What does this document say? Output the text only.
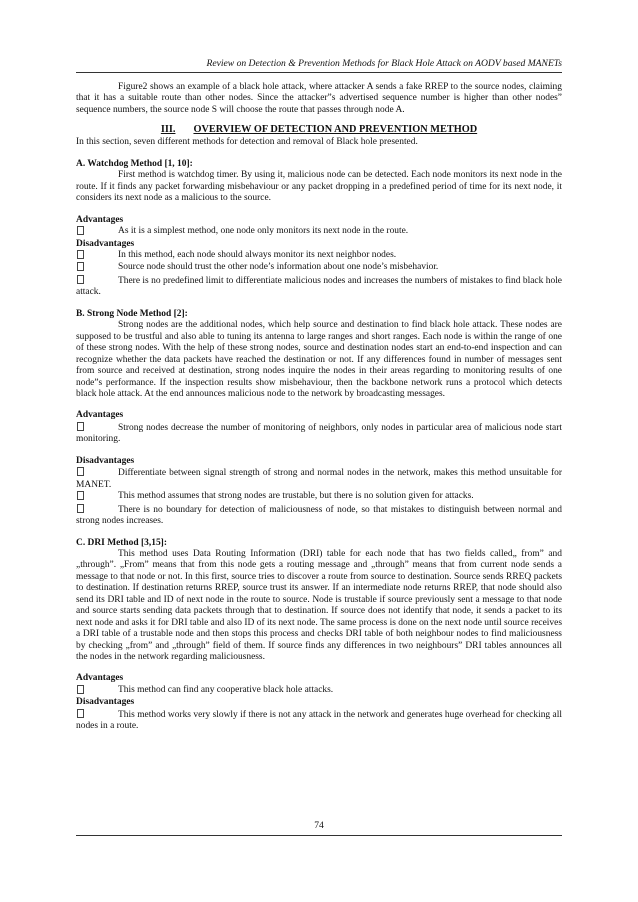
Review on Detection & Prevention Methods for Black Hole Attack on AODV based MANETs

Figure2 shows an example of a black hole attack, where attacker A sends a fake RREP to the source nodes, claiming that it has a suitable route than other nodes. Since the attacker”s advertised sequence number is higher than other nodes” sequence numbers, the source node S will choose the route that passes through node A.

III. OVERVIEW OF DETECTION AND PREVENTION METHOD

In this section, seven different methods for detection and removal of Black hole presented.

A. Watchdog Method [1, 10]:

First method is watchdog timer. By using it, malicious node can be detected. Each node monitors its next node in the route. If it finds any packet forwarding misbehaviour or any packet dropping in a predefined period of time for its next node, it considers its next node as a malicious to the source.

Advantages
As it is a simplest method, one node only monitors its next node in the route.
Disadvantages
In this method, each node should always monitor its next neighbor nodes.
Source node should trust the other node’s information about one node’s misbehavior.

There is no predefined limit to differentiate malicious nodes and increases the numbers of mistakes to find black hole attack.

B. Strong Node Method [2]:

Strong nodes are the additional nodes, which help source and destination to find black hole attack. These nodes are supposed to be trustful and also able to tuning its antenna to large ranges and short ranges. Each node is within the range of one of these strong nodes. With the help of these strong nodes, source and destination nodes start an end-to-end inspection and can recognize whether the data packets have reached the destination or not. If any differences found in number of messages sent from source and received at destination, strong nodes inquire the nodes in their areas regarding to monitoring results of one node”s performance. If the inspection results show misbehaviour, then the backbone network runs a protocol which detects black hole attack. At the end announces malicious node to the network by broadcasting messages.

Advantages

Strong nodes decrease the number of monitoring of neighbors, only nodes in particular area of malicious node start monitoring.

Disadvantages

Differentiate between signal strength of strong and normal nodes in the network, makes this method unsuitable for MANET.

This method assumes that strong nodes are trustable, but there is no solution given for attacks.

There is no boundary for detection of maliciousness of node, so that mistakes to distinguish between normal and strong nodes increases.

C. DRI Method [3,15]:

This method uses Data Routing Information (DRI) table for each node that has two fields called„ from” and „through”. „From” means that from this node gets a routing message and „through” means that from current node sends a message to that node or not. In this first, source tries to discover a route from source to destination. Source sends RREQ packets to destination. If destination returns RREP, source trust its answer. If an intermediate node returns RREP, that node should also send its DRI table and ID of next node in the route to source. Node is trustable if source previously sent a message to that node and source starts sending data packets through that to destination. If source does not identify that node, it sends a packet to its next node and asks it for DRI table and also ID of its next node. The same process is done on the next node until source receives a DRI table of a trustable node and then stops this process and checks DRI table of both neighbour nodes to find maliciousness by checking „from” and „through” field of them. If source finds any differences in two neighbours” DRI tables announces all the nodes in the network regarding maliciousness.

Advantages
This method can find any cooperative black hole attacks.
Disadvantages

This method works very slowly if there is not any attack in the network and generates huge overhead for checking all nodes in a route.

74
